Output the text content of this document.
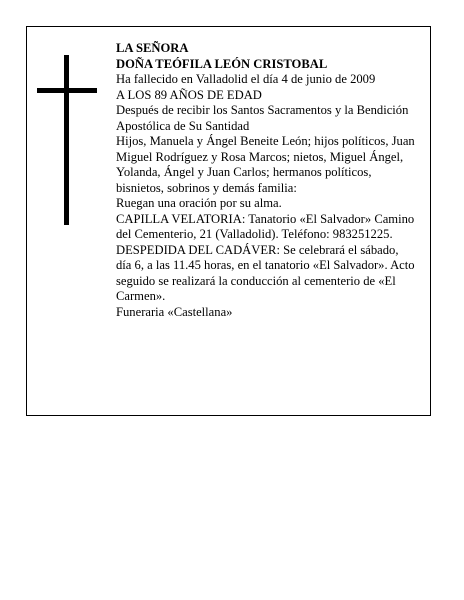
LA SEÑORA

DOÑA TEÓFILA LEÓN CRISTOBAL

Ha fallecido en Valladolid el día 4 de junio de 2009

A LOS 89 AÑOS DE EDAD

Después de recibir los Santos Sacramentos y la Bendición Apostólica de Su Santidad

Hijos, Manuela y Ángel Beneite León; hijos políticos, Juan Miguel Rodríguez y Rosa Marcos; nietos, Miguel Ángel, Yolanda, Ángel y Juan Carlos; hermanos políticos, bisnietos, sobrinos y demás familia:

Ruegan una oración por su alma.

CAPILLA VELATORIA: Tanatorio «El Salvador» Camino del Cementerio, 21 (Valladolid). Teléfono: 983251225.

DESPEDIDA DEL CADÁVER: Se celebrará el sábado, día 6, a las 11.45 horas, en el tanatorio «El Salvador». Acto seguido se realizará la conducción al cementerio de «El Carmen».

Funeraria «Castellana»
